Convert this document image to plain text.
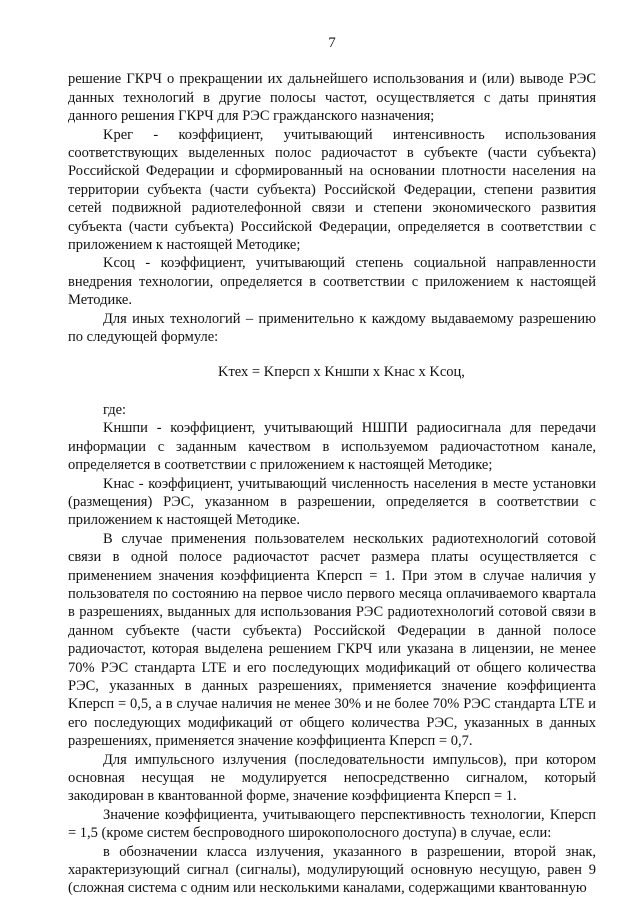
7

решение ГКРЧ о прекращении их дальнейшего использования и (или) выводе РЭС данных технологий в другие полосы частот, осуществляется с даты принятия данного решения ГКРЧ для РЭС гражданского назначения;

Kрег - коэффициент, учитывающий интенсивность использования соответствующих выделенных полос радиочастот в субъекте (части субъекта) Российской Федерации и сформированный на основании плотности населения на территории субъекта (части субъекта) Российской Федерации, степени развития сетей подвижной радиотелефонной связи и степени экономического развития субъекта (части субъекта) Российской Федерации, определяется в соответствии с приложением к настоящей Методике;

Kсоц - коэффициент, учитывающий степень социальной направленности внедрения технологии, определяется в соответствии с приложением к настоящей Методике.

Для иных технологий – применительно к каждому выдаваемому разрешению по следующей формуле:

Kтех = Kперсп x Kншпи x Kнас x Kсоц,

где:

Kншпи - коэффициент, учитывающий НШПИ радиосигнала для передачи информации с заданным качеством в используемом радиочастотном канале, определяется в соответствии с приложением к настоящей Методике;

Kнас - коэффициент, учитывающий численность населения в месте установки (размещения) РЭС, указанном в разрешении, определяется в соответствии с приложением к настоящей Методике.

В случае применения пользователем нескольких радиотехнологий сотовой связи в одной полосе радиочастот расчет размера платы осуществляется с применением значения коэффициента Kперсп = 1. При этом в случае наличия у пользователя по состоянию на первое число первого месяца оплачиваемого квартала в разрешениях, выданных для использования РЭС радиотехнологий сотовой связи в данном субъекте (части субъекта) Российской Федерации в данной полосе радиочастот, которая выделена решением ГКРЧ или указана в лицензии, не менее 70% РЭС стандарта LTE и его последующих модификаций от общего количества РЭС, указанных в данных разрешениях, применяется значение коэффициента Kперсп = 0,5, а в случае наличия не менее 30% и не более 70% РЭС стандарта LTE и его последующих модификаций от общего количества РЭС, указанных в данных разрешениях, применяется значение коэффициента Kперсп = 0,7.

Для импульсного излучения (последовательности импульсов), при котором основная несущая не модулируется непосредственно сигналом, который закодирован в квантованной форме, значение коэффициента Kперсп = 1.

Значение коэффициента, учитывающего перспективность технологии, Kперсп = 1,5 (кроме систем беспроводного широкополосного доступа) в случае, если:

в обозначении класса излучения, указанного в разрешении, второй знак, характеризующий сигнал (сигналы), модулирующий основную несущую, равен 9 (сложная система с одним или несколькими каналами, содержащими квантованную
